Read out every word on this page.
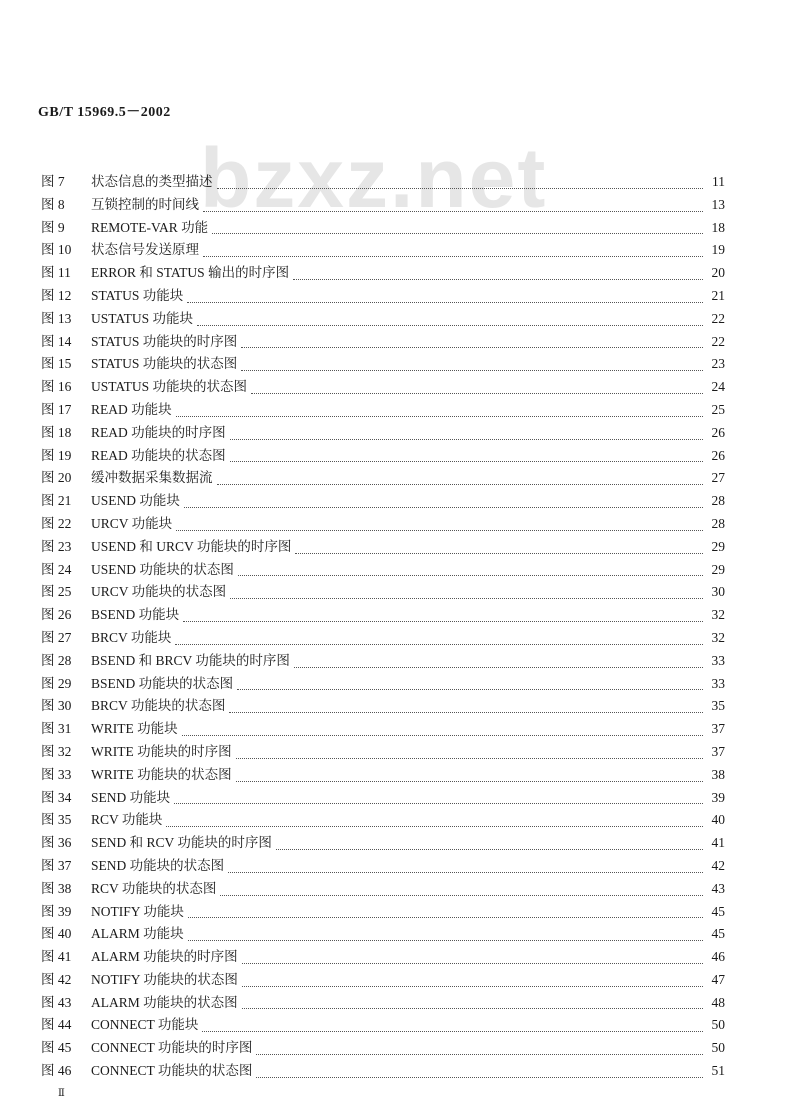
bzxz.net
GB/T 15969.5－2002
图 7	状态信息的类型描述	11
图 8	互锁控制的时间线	13
图 9	REMOTE-VAR 功能	18
图 10	状态信号发送原理	19
图 11	ERROR 和 STATUS 输出的时序图	20
图 12	STATUS 功能块	21
图 13	USTATUS 功能块	22
图 14	STATUS 功能块的时序图	22
图 15	STATUS 功能块的状态图	23
图 16	USTATUS 功能块的状态图	24
图 17	READ 功能块	25
图 18	READ 功能块的时序图	26
图 19	READ 功能块的状态图	26
图 20	缓冲数据采集数据流	27
图 21	USEND 功能块	28
图 22	URCV 功能块	28
图 23	USEND 和 URCV 功能块的时序图	29
图 24	USEND 功能块的状态图	29
图 25	URCV 功能块的状态图	30
图 26	BSEND 功能块	32
图 27	BRCV 功能块	32
图 28	BSEND 和 BRCV 功能块的时序图	33
图 29	BSEND 功能块的状态图	33
图 30	BRCV 功能块的状态图	35
图 31	WRITE 功能块	37
图 32	WRITE 功能块的时序图	37
图 33	WRITE 功能块的状态图	38
图 34	SEND 功能块	39
图 35	RCV 功能块	40
图 36	SEND 和 RCV 功能块的时序图	41
图 37	SEND 功能块的状态图	42
图 38	RCV 功能块的状态图	43
图 39	NOTIFY 功能块	45
图 40	ALARM 功能块	45
图 41	ALARM 功能块的时序图	46
图 42	NOTIFY 功能块的状态图	47
图 43	ALARM 功能块的状态图	48
图 44	CONNECT 功能块	50
图 45	CONNECT 功能块的时序图	50
图 46	CONNECT 功能块的状态图	51
Ⅱ
